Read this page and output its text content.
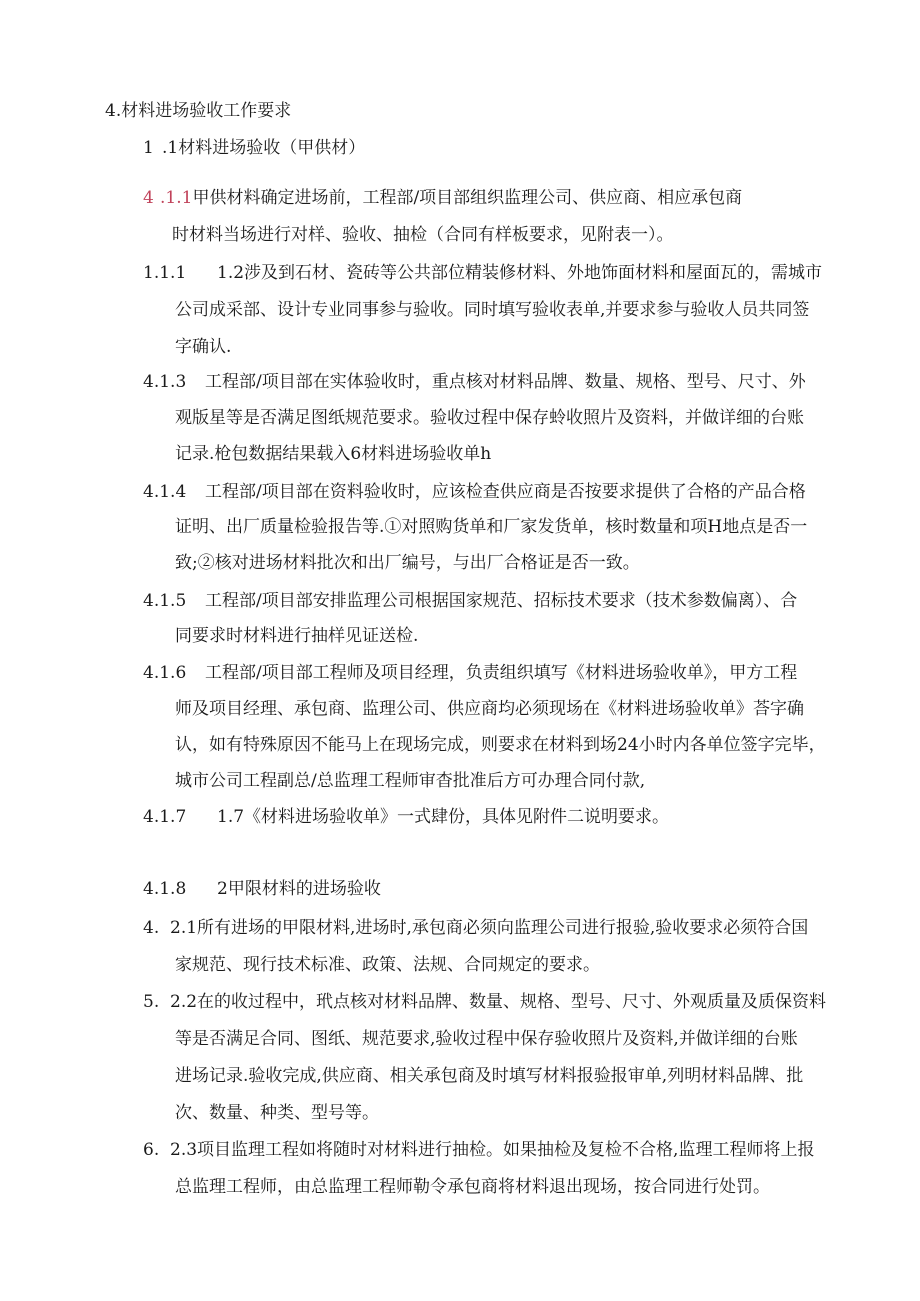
4.材料进场验收工作要求
1 .1材料进场验收（甲供材）
4 .1.1甲供材料确定进场前，工程部/项目部组织监理公司、供应商、相应承包商
时材料当场进行对样、验收、抽检（合同有样板要求，见附表一）。
1.1.1 1.2涉及到石材、瓷砖等公共部位精装修材料、外地饰面材料和屋面瓦的，需城市
公司成采部、设计专业同事参与验收。同时填写验收表单,并要求参与验收人员共同签
字确认.
4.1.3 工程部/项目部在实体验收时，重点核对材料品牌、数量、规格、型号、尺寸、外
观版星等是否满足图纸规范要求。验收过程中保存蛉收照片及资料，并做详细的台账
记录.枪包数据结果载入6材料进场验收单h
4.1.4 工程部/项目部在资料验收时，应该检查供应商是否按要求提供了合格的产品合格
证明、出厂质量检验报告等.①对照购货单和厂家发货单，核时数量和项H地点是否一
致;②核对进场材料批次和出厂编号，与出厂合格证是否一致。
4.1.5 工程部/项目部安排监理公司根据国家规范、招标技术要求（技术参数偏离）、合
同要求时材料进行抽样见证送检.
4.1.6 工程部/项目部工程师及项目经理，负责组织填写《材料进场验收单》，甲方工程
师及项目经理、承包商、监理公司、供应商均必须现场在《材料进场验收单》荅字确
认，如有特殊原因不能马上在现场完成，则要求在材料到场24小时内各单位签字完毕，
城市公司工程副总/总监理工程师审杳批准后方可办理合同付款,
4.1.7 1.7《材料进场验收单》一式肆份，具体见附件二说明要求。
4.1.8 2甲限材料的进场验收
4. 2.1所有进场的甲限材料,进场时,承包商必须向监理公司进行报验,验收要求必须符合国
家规范、现行技术标准、政策、法规、合同规定的要求。
5. 2.2在的收过程中，玳点核对材料品牌、数量、规格、型号、尺寸、外观质量及质保资料
等是否满足合同、图纸、规范要求,验收过程中保存验收照片及资料,并做详细的台账
进场记录.验收完成,供应商、相关承包商及时填写材料报验报审单,列明材料品牌、批
次、数量、种类、型号等。
6. 2.3项目监理工程如将随时对材料进行抽检。如果抽检及复检不合格,监理工程师将上报
总监理工程师，由总监理工程师勒令承包商将材料退出现场，按合同进行处罚。
